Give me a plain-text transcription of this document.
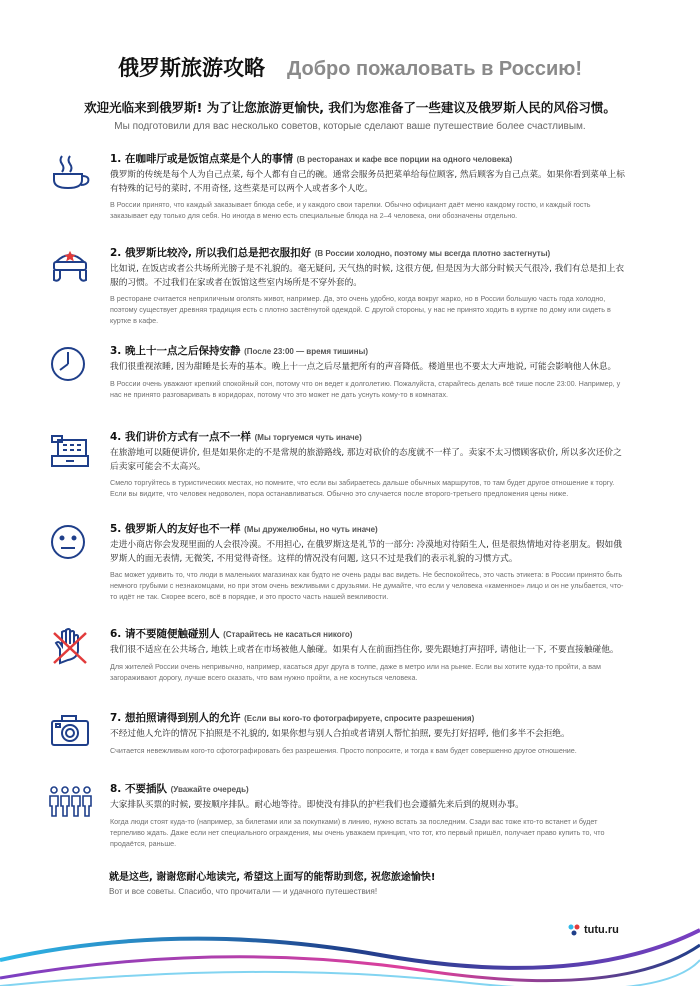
俄罗斯旅游攻略 Добро пожаловать в Россию!
欢迎光临来到俄罗斯! 为了让您旅游更愉快, 我们为您准备了一些建议及俄罗斯人民的风俗习惯。
Мы подготовили для вас несколько советов, которые сделают ваше путешествие более счастливым.
1. 在咖啡厅或是饭馆点菜是个人的事情 (В ресторанах и кафе все порции на одного человека)
俄罗斯的传统是每个人为自己点菜, 每个人都有自己的碗。通常会服务员把菜单给每位顾客, 然后顾客为自己点菜。如果你看到菜单上标有特殊的记号的菜时, 不用奇怪, 这些菜是可以两个人或者多个人吃。
В России принято, что каждый заказывает блюда себе, и у каждого свои тарелки. Обычно официант даёт меню каждому гостю, и каждый гость заказывает еду только для себя. Но иногда в меню есть специальные блюда на 2–4 человека, они обозначены отдельно.
2. 俄罗斯比较冷, 所以我们总是把衣服扣好 (В России холодно, поэтому мы всегда плотно застегнуты)
比如说, 在饭店或者公共场所光膀子是不礼貌的。毫无疑问, 天气热的时候, 这很方便, 但是因为大部分时候天气很冷, 我们有总是扣上衣服的习惯。不过我们在家或者在饭馆这些室内场所是不穿外套的。
В ресторане считается неприличным оголять живот, например. Да, это очень удобно, когда вокруг жарко, но в России большую часть года холодно, поэтому существует древняя традиция есть с плотно застёгнутой одеждой. С другой стороны, у нас не принято ходить в куртке по дому или сидеть в куртке в кафе.
3. 晚上十一点之后保持安静 (После 23:00 — время тишины)
我们很重视浓睡, 因为甜睡是长寿的基本。晚上十一点之后尽量把所有的声音降低。楼道里也不要太大声地说, 可能会影响他人休息。
В России очень уважают крепкий спокойный сон, потому что он ведет к долголетию. Пожалуйста, старайтесь делать всё тише после 23:00. Например, у нас не принято разговаривать в коридорах, потому что это может не дать уснуть кому-то в комнатах.
4. 我们讲价方式有一点不一样 (Мы торгуемся чуть иначе)
在旅游地可以随便讲价, 但是如果你走的不是常规的旅游路线, 那边对砍价的态度就不一样了。卖家不太习惯顾客砍价, 所以多次还价之后卖家可能会不太高兴。
Смело торгуйтесь в туристических местах, но помните, что если вы забираетесь дальше обычных маршрутов, то там будет другое отношение к торгу. Если вы видите, что человек недоволен, пора останавливаться. Обычно это случается после второго-третьего предложения цены ниже.
5. 俄罗斯人的友好也不一样 (Мы дружелюбны, но чуть иначе)
走进小商店你会发现里面的人会很冷漠。不用担心, 在俄罗斯这是礼节的一部分: 冷漠地对待陌生人, 但是很热情地对待老朋友。假如俄罗斯人的面无表情, 无微笑, 不用觉得奇怪。这样的情况没有问题, 这只不过是我们的表示礼貌的习惯方式。
Вас может удивить то, что люди в маленьких магазинах как будто не очень рады вас видеть. Не беспокойтесь, это часть этикета: в России принято быть немного грубыми с незнакомцами, но при этом очень вежливыми с друзьями. Не думайте, что если у человека «каменное» лицо и он не улыбается, что-то идёт не так. Скорее всего, всё в порядке, и это просто часть нашей вежливости.
6. 请不要随便触碰别人 (Старайтесь не касаться никого)
我们很不适应在公共场合, 地铁上或者在市场被他人触碰。如果有人在前面挡住你, 要先跟她打声招呼, 请他让一下, 不要直接触碰他。
Для жителей России очень непривычно, например, касаться друг друга в толпе, даже в метро или на рынке. Если вы хотите куда-то пройти, а вам загораживают дорогу, лучше всего сказать, что вам нужно пройти, а не коснуться человека.
7. 想拍照请得到别人的允许 (Если вы кого-то фотографируете, спросите разрешения)
不经过他人允许的情况下拍照是不礼貌的, 如果你想与别人合拍或者请别人帮忙拍照, 要先打好招呼, 他们多半不会拒绝。
Считается невежливым кого-то сфотографировать без разрешения. Просто попросите, и тогда к вам будет совершенно другое отношение.
8. 不要插队 (Уважайте очередь)
大家排队买票的时候, 要按顺序排队。耐心地等待。即使没有排队的护栏我们也会遵循先来后到的规则办事。
Когда люди стоят куда-то (например, за билетами или за покупками) в линию, нужно встать за последним. Сзади вас тоже кто-то встанет и будет терпеливо ждать. Даже если нет специального ограждения, мы очень уважаем принцип, что тот, кто первый пришёл, получает право купить то, что продаётся, раньше.
就是这些, 谢谢您耐心地读完, 希望这上面写的能帮助到您, 祝您旅途愉快!
Вот и все советы. Спасибо, что прочитали — и удачного путешествия!
tutu.ru
